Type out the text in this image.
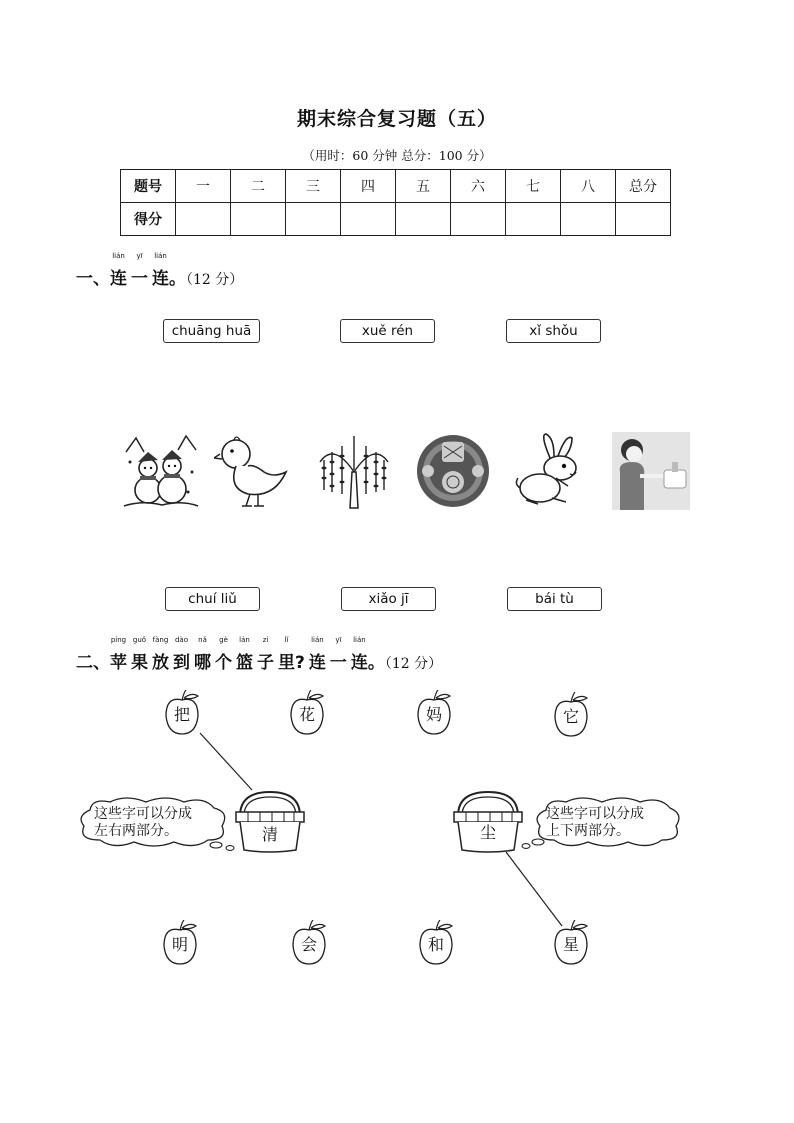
期末综合复习题（五）
（用时：60 分钟 总分：100 分）
题号	一	二	三	四	五	六	七	八	总分
得分									
一、
lián
连
yī
一
lián
连。（12 分）
chuāng huā	xuě rén	xǐ shǒu
chuí liǔ	xiǎo jī	bái tù
二、
píng
苹
guǒ
果
fàng
放
dào
到
nǎ
哪
gè
个
lán
篮
zi
子
lǐ
里?
lián
连
yī
一
lián
连。（12 分）
把	花	妈	它
这些字可以分成
左右两部分。	清	尘
这些字可以分成
上下两部分。
明	会	和	星
